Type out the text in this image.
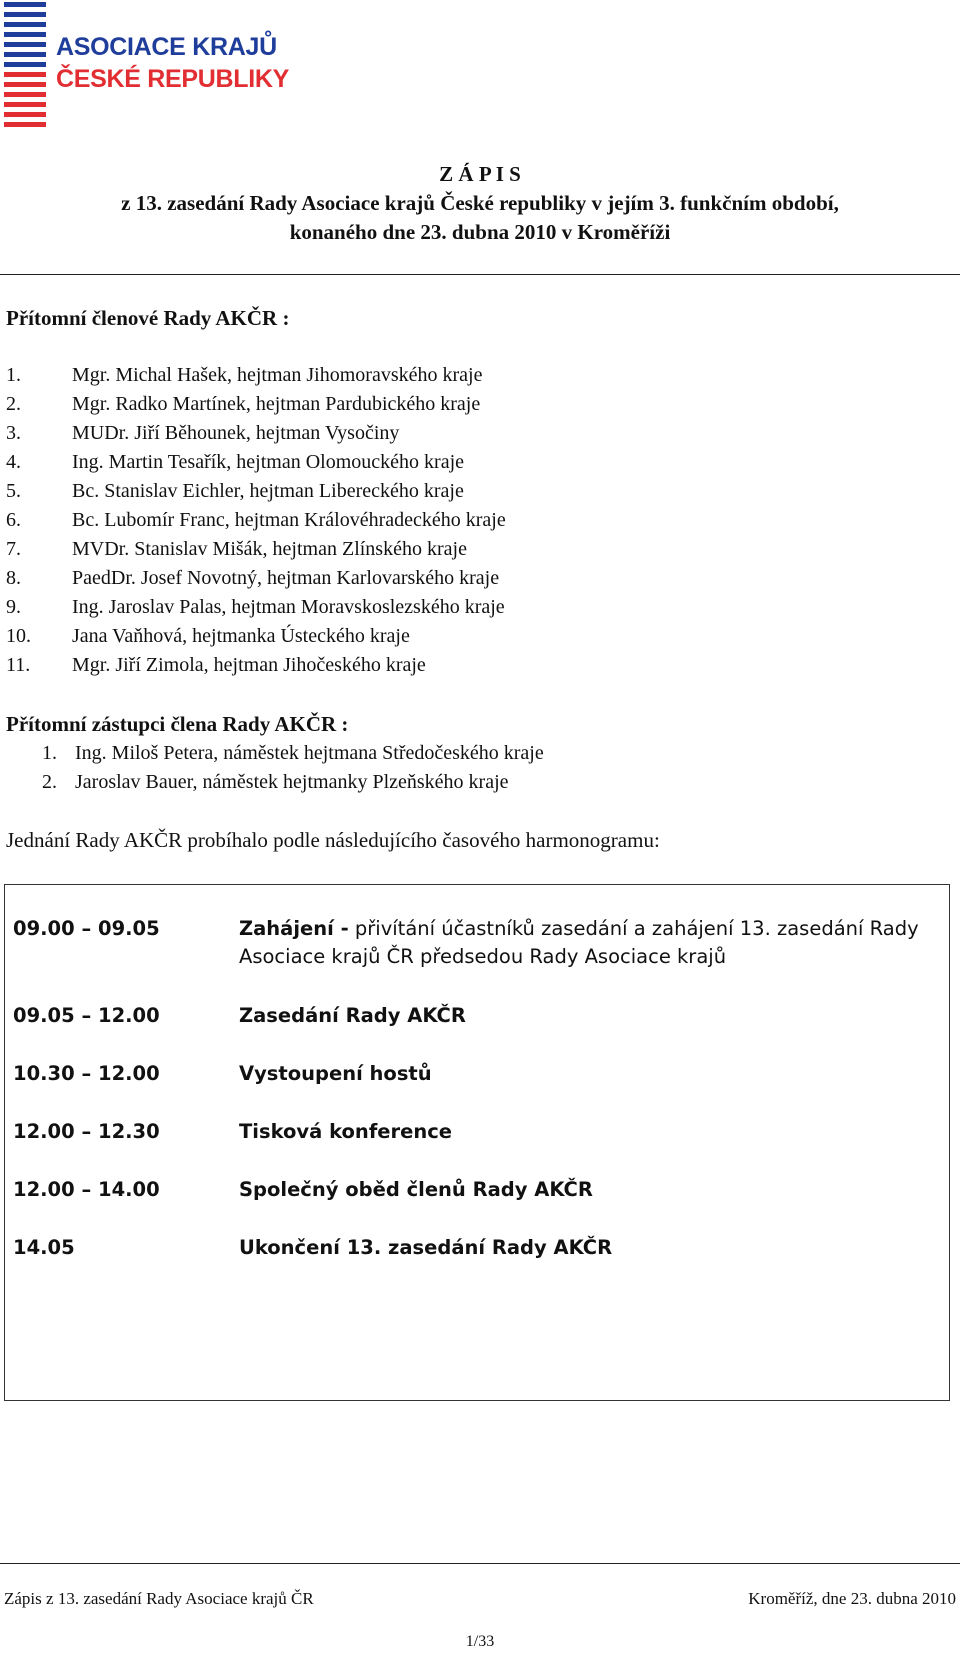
ASOCIACE KRAJŮ
ČESKÉ REPUBLIKY
Z Á P I S
z 13. zasedání Rady Asociace krajů České republiky v jejím 3. funkčním období,
konaného dne 23. dubna 2010 v Kroměříži
Přítomní členové Rady AKČR :
1.	Mgr. Michal Hašek, hejtman Jihomoravského kraje
2.	Mgr. Radko Martínek, hejtman Pardubického kraje
3.	MUDr. Jiří Běhounek, hejtman Vysočiny
4.	Ing. Martin Tesařík, hejtman Olomouckého kraje
5.	Bc. Stanislav Eichler, hejtman Libereckého kraje
6.	Bc. Lubomír Franc, hejtman Královéhradeckého kraje
7.	MVDr. Stanislav Mišák, hejtman Zlínského kraje
8.	PaedDr. Josef Novotný, hejtman Karlovarského kraje
9.	Ing. Jaroslav Palas, hejtman Moravskoslezského kraje
10. Jana Vaňhová, hejtmanka Ústeckého kraje
11. Mgr. Jiří Zimola, hejtman Jihočeského kraje
Přítomní zástupci člena Rady AKČR :
1. Ing. Miloš Petera, náměstek hejtmana Středočeského kraje
2. Jaroslav Bauer, náměstek hejtmanky Plzeňského kraje
Jednání Rady AKČR probíhalo podle následujícího časového harmonogramu:
09.00 – 09.05	Zahájení - přivítání účastníků zasedání a zahájení 13. zasedání Rady Asociace krajů ČR předsedou Rady Asociace krajů
09.05 – 12.00	Zasedání Rady AKČR
10.30 – 12.00	Vystoupení hostů
12.00 – 12.30	Tisková konference
12.00 – 14.00	Společný oběd členů Rady AKČR
14.05	Ukončení 13. zasedání Rady AKČR
Zápis z 13. zasedání Rady Asociace krajů ČR	Kroměříž, dne 23. dubna 2010
1/33
